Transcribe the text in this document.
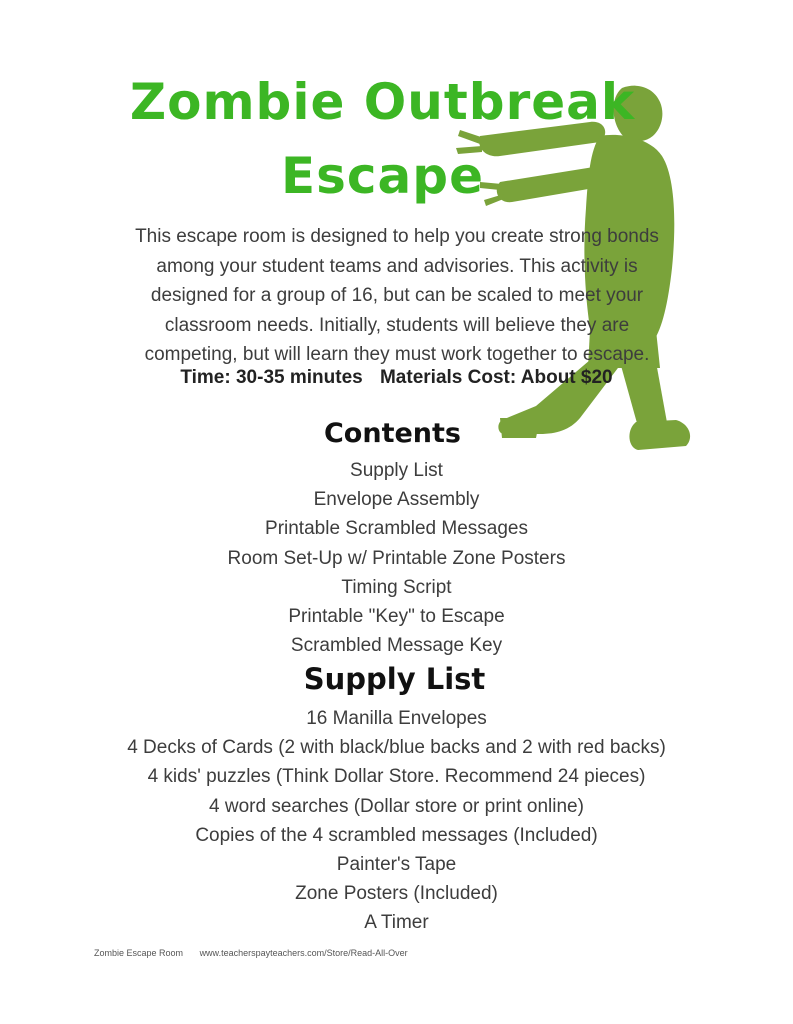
Zombie Outbreak
Escape

This escape room is designed to help you create strong bonds
among your student teams and advisories. This activity is
designed for a group of 16, but can be scaled to meet your
classroom needs. Initially, students will believe they are
competing, but will learn they must work together to escape.

Time: 30-35 minutes Materials Cost: About $20
Contents
Supply List
Envelope Assembly
Printable Scrambled Messages
Room Set-Up w/ Printable Zone Posters
Timing Script
Printable "Key" to Escape
Scrambled Message Key
Supply List
16 Manilla Envelopes
4 Decks of Cards (2 with black/blue backs and 2 with red backs)
4 kids' puzzles (Think Dollar Store. Recommend 24 pieces)
4 word searches (Dollar store or print online)
Copies of the 4 scrambled messages (Included)
Painter's Tape
Zone Posters (Included)
A Timer
Zombie Escape Room www.teacherspayteachers.com/Store/Read-All-Over
